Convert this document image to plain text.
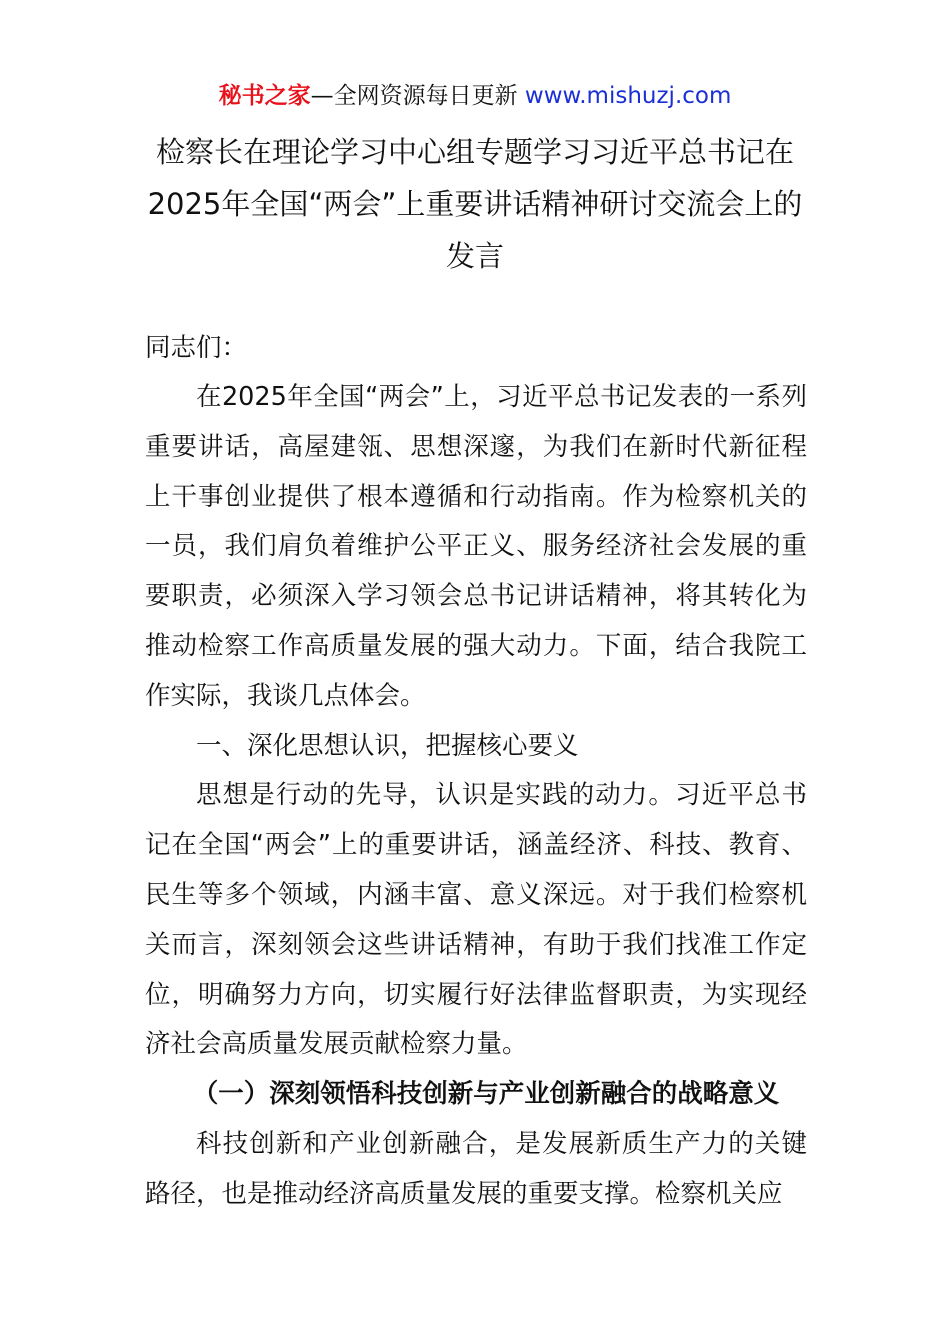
秘书之家—全网资源每日更新 www.mishuzj.com
检察长在理论学习中心组专题学习习近平总书记在2025年全国“两会”上重要讲话精神研讨交流会上的发言
同志们：

在2025年全国“两会”上，习近平总书记发表的一系列重要讲话，高屋建瓴、思想深邃，为我们在新时代新征程上干事创业提供了根本遵循和行动指南。作为检察机关的一员，我们肩负着维护公平正义、服务经济社会发展的重要职责，必须深入学习领会总书记讲话精神，将其转化为推动检察工作高质量发展的强大动力。下面，结合我院工作实际，我谈几点体会。

一、深化思想认识，把握核心要义

思想是行动的先导，认识是实践的动力。习近平总书记在全国“两会”上的重要讲话，涵盖经济、科技、教育、民生等多个领域，内涵丰富、意义深远。对于我们检察机关而言，深刻领会这些讲话精神，有助于我们找准工作定位，明确努力方向，切实履行好法律监督职责，为实现经济社会高质量发展贡献检察力量。

（一）深刻领悟科技创新与产业创新融合的战略意义

科技创新和产业创新融合，是发展新质生产力的关键路径，也是推动经济高质量发展的重要支撑。检察机关应
